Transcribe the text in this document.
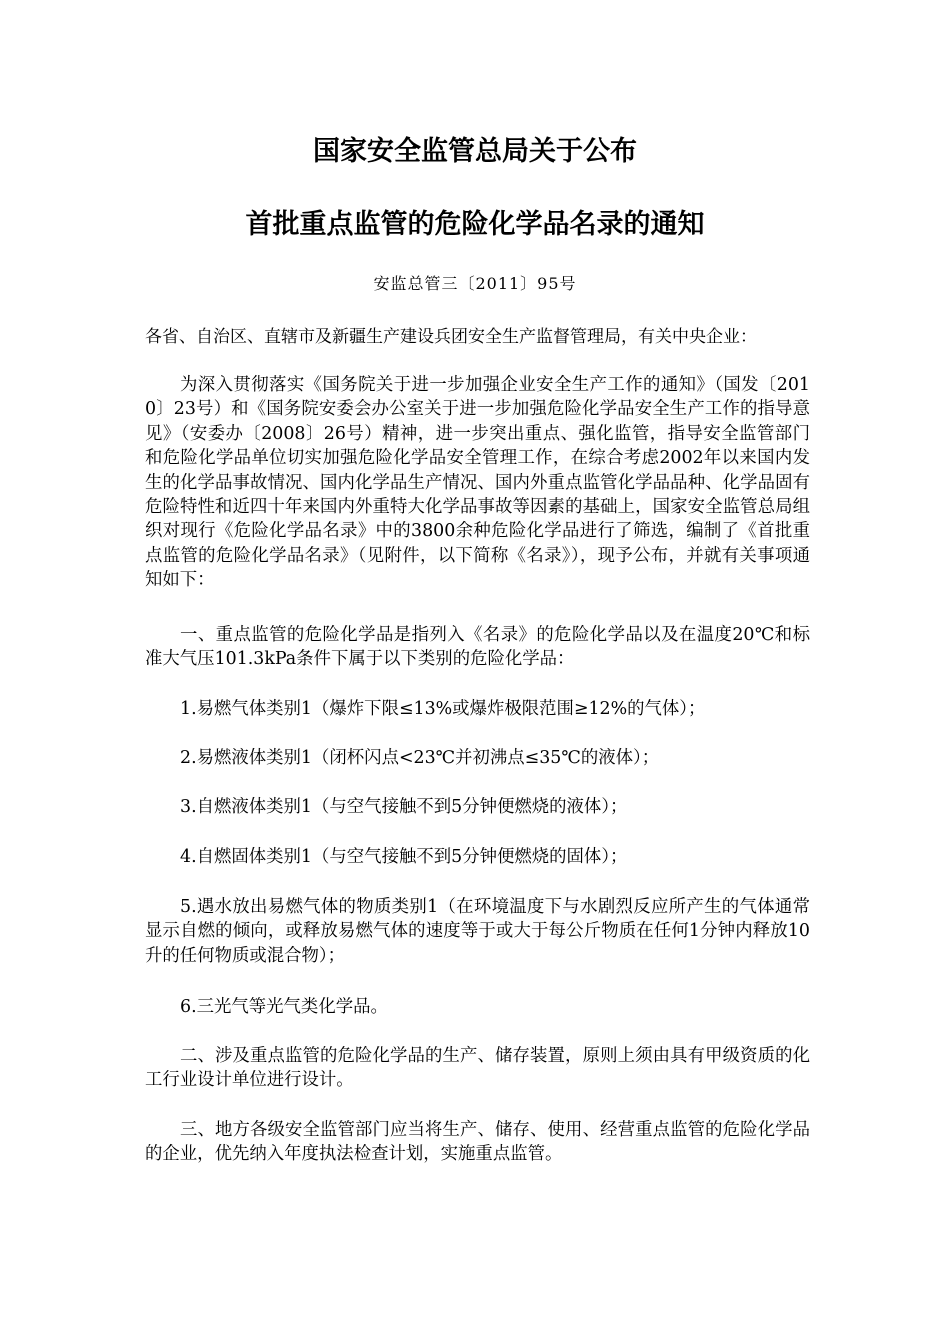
国家安全监管总局关于公布
首批重点监管的危险化学品名录的通知
安监总管三〔2011〕95号

各省、自治区、直辖市及新疆生产建设兵团安全生产监督管理局，有关中央企业：

为深入贯彻落实《国务院关于进一步加强企业安全生产工作的通知》（国发〔2010〕23号）和《国务院安委会办公室关于进一步加强危险化学品安全生产工作的指导意见》（安委办〔2008〕26号）精神，进一步突出重点、强化监管，指导安全监管部门和危险化学品单位切实加强危险化学品安全管理工作，在综合考虑2002年以来国内发生的化学品事故情况、国内化学品生产情况、国内外重点监管化学品品种、化学品固有危险特性和近四十年来国内外重特大化学品事故等因素的基础上，国家安全监管总局组织对现行《危险化学品名录》中的3800余种危险化学品进行了筛选，编制了《首批重点监管的危险化学品名录》（见附件，以下简称《名录》），现予公布，并就有关事项通知如下：

一、重点监管的危险化学品是指列入《名录》的危险化学品以及在温度20℃和标准大气压101.3kPa条件下属于以下类别的危险化学品：

1.易燃气体类别1（爆炸下限≤13%或爆炸极限范围≥12%的气体）；

2.易燃液体类别1（闭杯闪点<23℃并初沸点≤35℃的液体）；

3.自燃液体类别1（与空气接触不到5分钟便燃烧的液体）；

4.自燃固体类别1（与空气接触不到5分钟便燃烧的固体）；

5.遇水放出易燃气体的物质类别1（在环境温度下与水剧烈反应所产生的气体通常显示自燃的倾向，或释放易燃气体的速度等于或大于每公斤物质在任何1分钟内释放10升的任何物质或混合物）；

6.三光气等光气类化学品。

二、涉及重点监管的危险化学品的生产、储存装置，原则上须由具有甲级资质的化工行业设计单位进行设计。

三、地方各级安全监管部门应当将生产、储存、使用、经营重点监管的危险化学品的企业，优先纳入年度执法检查计划，实施重点监管。
